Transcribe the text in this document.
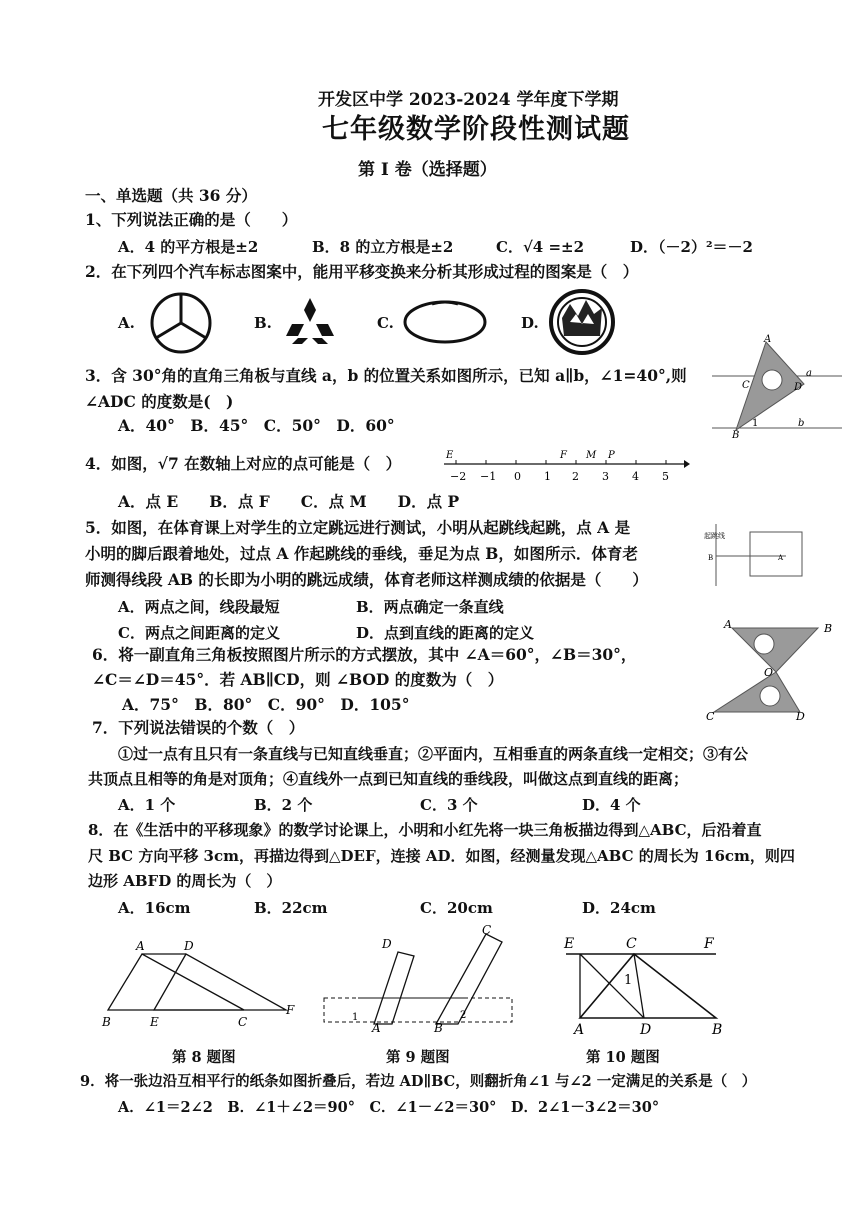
开发区中学 2023-2024 学年度下学期
七年级数学阶段性测试题
第 I 卷（选择题）
一、单选题（共 36 分）
1、下列说法正确的是（　　）
A．4 的平方根是±2	B．8 的立方根是±2	C．√4 =±2	D．（－2）²＝－2
2．在下列四个汽车标志图案中，能用平移变换来分析其形成过程的图案是（　）
A.	B.	C.	D.
3．含 30°角的直角三角板与直线 a，b 的位置关系如图所示，已知 a∥b，∠1=40°,则
∠ADC 的度数是(　)
A．40°　B．45°　C．50°　D．60°
A
C	D
a
B
1	b
4．如图，√7 在数轴上对应的点可能是（　）
A．点 E　　B．点 F　　C．点 M　　D．点 P
E	F M P
−2 −1 0 1 2 3 4 5
5．如图，在体育课上对学生的立定跳远进行测试，小明从起跳线起跳，点 A 是
小明的脚后跟着地处，过点 A 作起跳线的垂线，垂足为点 B，如图所示．体育老
师测得线段 AB 的长即为小明的跳远成绩，体育老师这样测成绩的依据是（　　）
A．两点之间，线段最短	B．两点确定一条直线
C．两点之间距离的定义	D．点到直线的距离的定义
起跳线
B	A
6．将一副直角三角板按照图片所示的方式摆放，其中 ∠A＝60°，∠B＝30°，
∠C＝∠D＝45°．若 AB∥CD，则 ∠BOD 的度数为（　）
A．75°　B．80°　C．90°　D．105°
A	B
O
C	D
7．下列说法错误的个数（　）
①过一点有且只有一条直线与已知直线垂直；②平面内，互相垂直的两条直线一定相交；③有公
共顶点且相等的角是对顶角；④直线外一点到已知直线的垂线段，叫做这点到直线的距离；
A．1 个	B．2 个	C．3 个	D．4 个
8．在《生活中的平移现象》的数学讨论课上，小明和小红先将一块三角板描边得到△ABC，后沿着直
尺 BC 方向平移 3cm，再描边得到△DEF，连接 AD．如图，经测量发现△ABC 的周长为 16cm，则四
边形 ABFD 的周长为（　）
A．16cm	B．22cm	C．20cm	D．24cm
A	D
B	E	C
F
第 8 题图
D
C
1
A	B
2
第 9 题图
E	C	F
1
A	D	B
第 10 题图
9．将一张边沿互相平行的纸条如图折叠后，若边 AD∥BC，则翻折角∠1 与∠2 一定满足的关系是（　）
A．∠1＝2∠2　B．∠1＋∠2＝90°　C．∠1－∠2＝30°　D．2∠1－3∠2＝30°
